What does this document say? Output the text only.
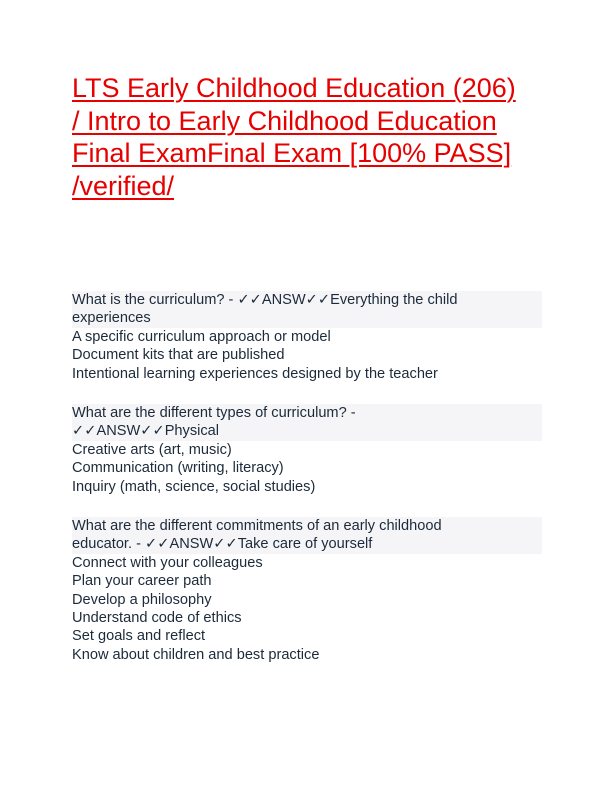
LTS Early Childhood Education (206)
/ Intro to Early Childhood Education
Final ExamFinal Exam [100% PASS]
/verified/
What is the curriculum? - ✓✓ANSW✓✓Everything the child
experiences
A specific curriculum approach or model
Document kits that are published
Intentional learning experiences designed by the teacher
What are the different types of curriculum? -
✓✓ANSW✓✓Physical
Creative arts (art, music)
Communication (writing, literacy)
Inquiry (math, science, social studies)
What are the different commitments of an early childhood
educator. - ✓✓ANSW✓✓Take care of yourself
Connect with your colleagues
Plan your career path
Develop a philosophy
Understand code of ethics
Set goals and reflect
Know about children and best practice
